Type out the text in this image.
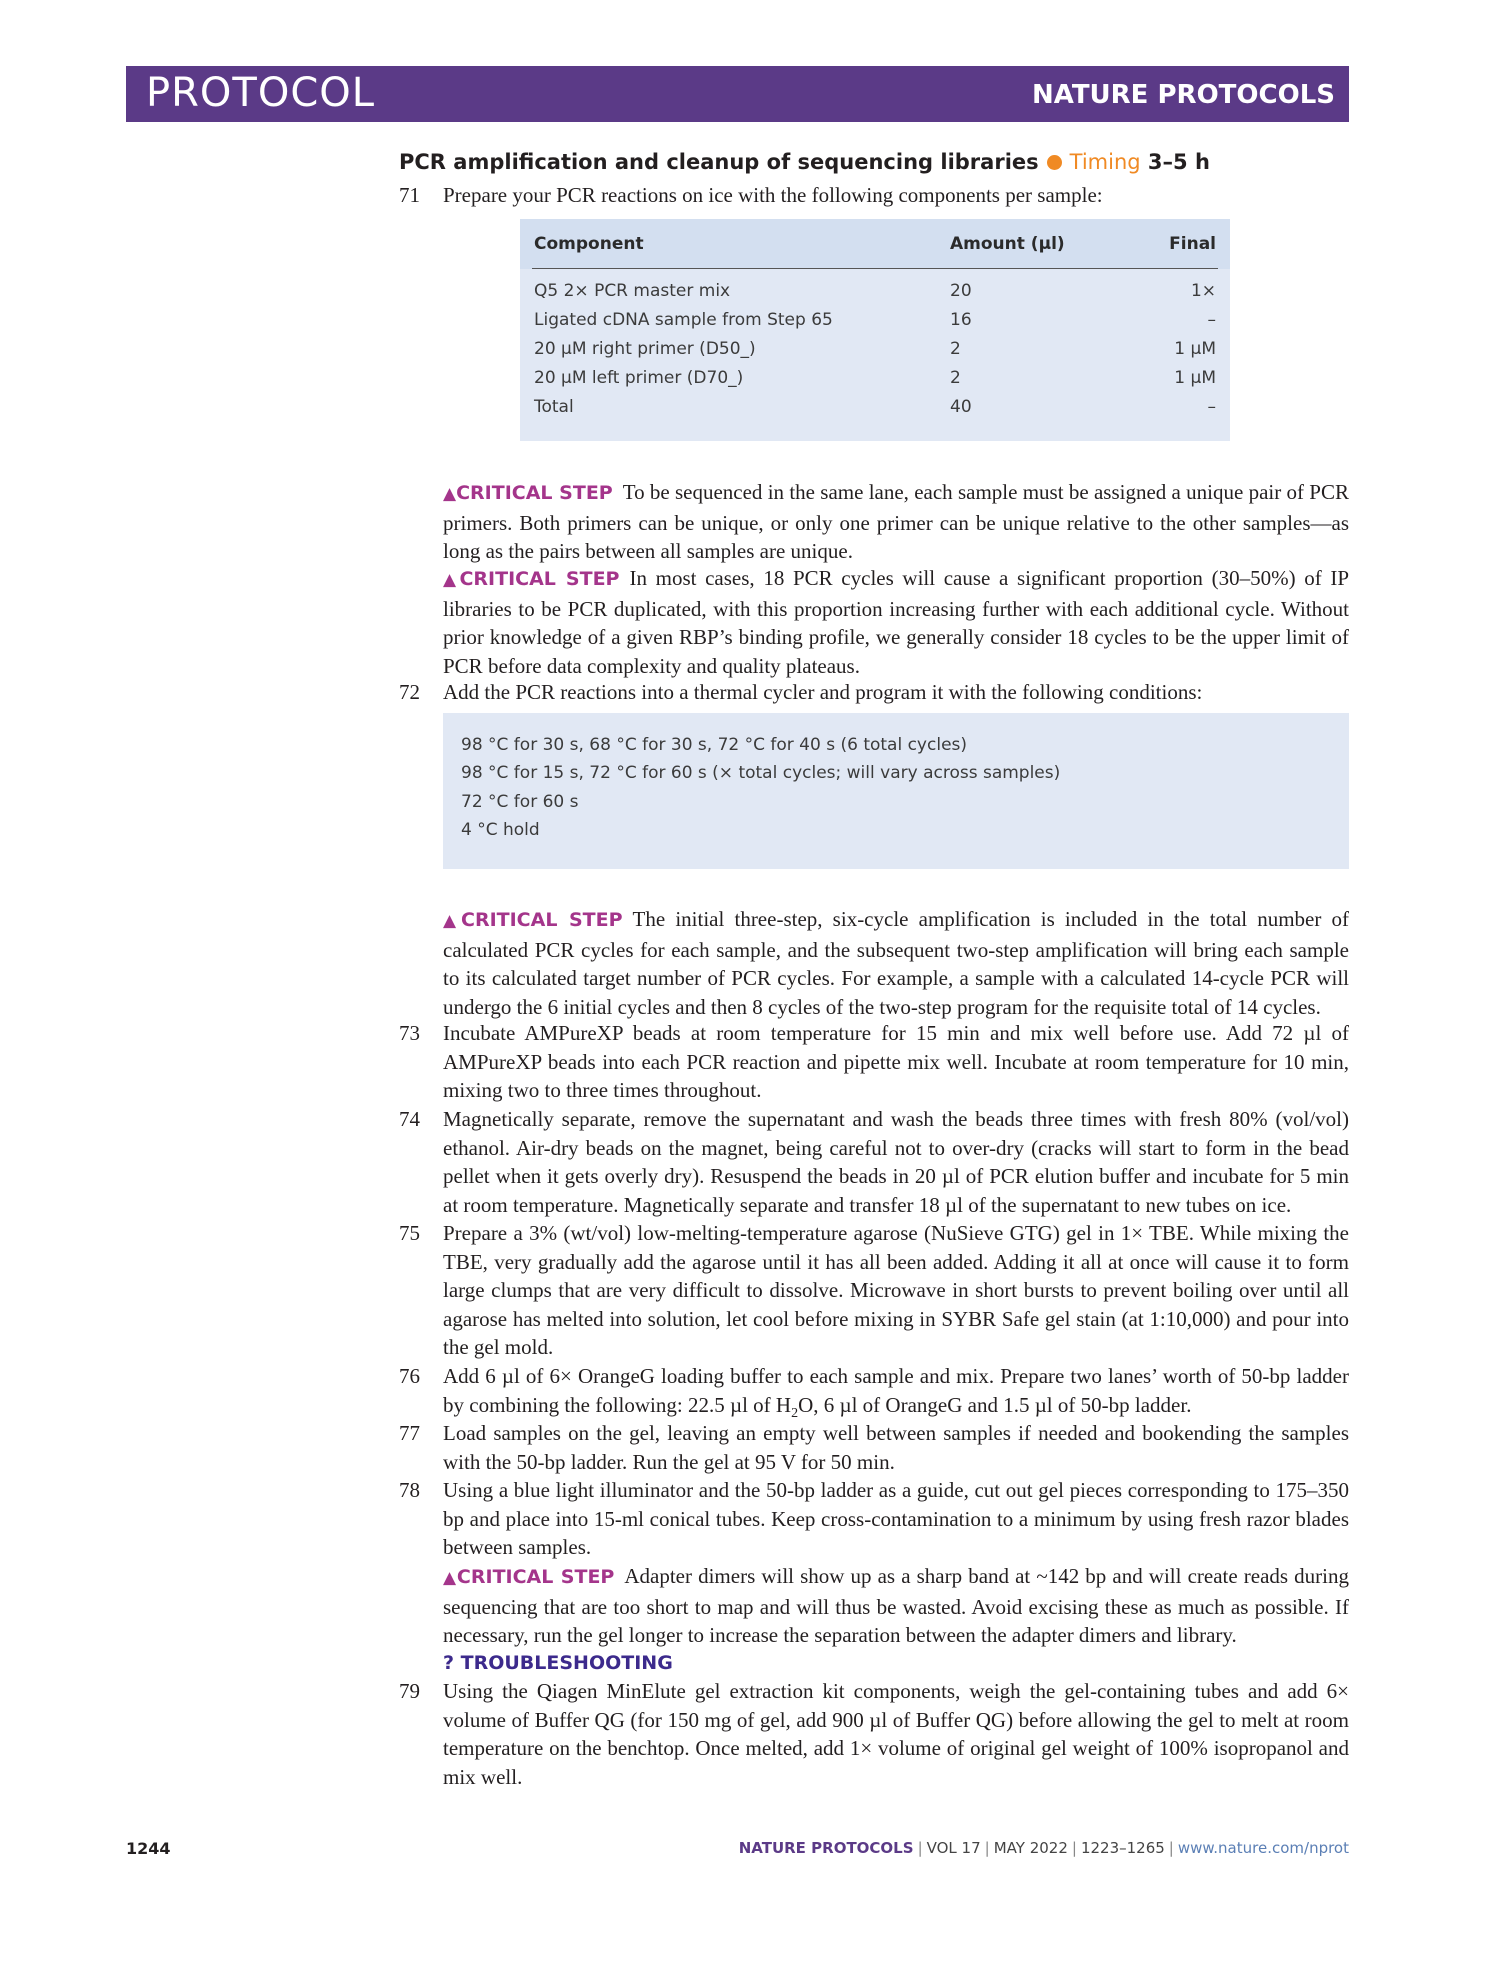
PROTOCOL	NATURE PROTOCOLS
PCR amplification and cleanup of sequencing libraries Timing 3–5 h
71	Prepare your PCR reactions on ice with the following components per sample:
Component	Amount (µl)	Final
Q5 2× PCR master mix	20	1×
Ligated cDNA sample from Step 65	16	–
20 µM right primer (D50_)	2	1 µM
20 µM left primer (D70_)	2	1 µM
Total	40	–
▲CRITICAL STEP To be sequenced in the same lane, each sample must be assigned a unique pair of PCR primers. Both primers can be unique, or only one primer can be unique relative to the other samples—as long as the pairs between all samples are unique.
▲CRITICAL STEP In most cases, 18 PCR cycles will cause a significant proportion (30–50%) of IP libraries to be PCR duplicated, with this proportion increasing further with each additional cycle. Without prior knowledge of a given RBP’s binding profile, we generally consider 18 cycles to be the upper limit of PCR before data complexity and quality plateaus.
72	Add the PCR reactions into a thermal cycler and program it with the following conditions:
98 °C for 30 s, 68 °C for 30 s, 72 °C for 40 s (6 total cycles)
98 °C for 15 s, 72 °C for 60 s (× total cycles; will vary across samples)
72 °C for 60 s
4 °C hold
▲CRITICAL STEP The initial three-step, six-cycle amplification is included in the total number of calculated PCR cycles for each sample, and the subsequent two-step amplification will bring each sample to its calculated target number of PCR cycles. For example, a sample with a calculated 14-cycle PCR will undergo the 6 initial cycles and then 8 cycles of the two-step program for the requisite total of 14 cycles.
73	Incubate AMPureXP beads at room temperature for 15 min and mix well before use. Add 72 µl of AMPureXP beads into each PCR reaction and pipette mix well. Incubate at room temperature for 10 min, mixing two to three times throughout.
74	Magnetically separate, remove the supernatant and wash the beads three times with fresh 80% (vol/vol) ethanol. Air-dry beads on the magnet, being careful not to over-dry (cracks will start to form in the bead pellet when it gets overly dry). Resuspend the beads in 20 µl of PCR elution buffer and incubate for 5 min at room temperature. Magnetically separate and transfer 18 µl of the supernatant to new tubes on ice.
75	Prepare a 3% (wt/vol) low-melting-temperature agarose (NuSieve GTG) gel in 1× TBE. While mixing the TBE, very gradually add the agarose until it has all been added. Adding it all at once will cause it to form large clumps that are very difficult to dissolve. Microwave in short bursts to prevent boiling over until all agarose has melted into solution, let cool before mixing in SYBR Safe gel stain (at 1:10,000) and pour into the gel mold.
76	Add 6 µl of 6× OrangeG loading buffer to each sample and mix. Prepare two lanes’ worth of 50-bp ladder by combining the following: 22.5 µl of $H_2O$, 6 µl of OrangeG and 1.5 µl of 50-bp ladder.
77	Load samples on the gel, leaving an empty well between samples if needed and bookending the samples with the 50-bp ladder. Run the gel at 95 V for 50 min.
78	Using a blue light illuminator and the 50-bp ladder as a guide, cut out gel pieces corresponding to 175–350 bp and place into 15-ml conical tubes. Keep cross-contamination to a minimum by using fresh razor blades between samples.
▲CRITICAL STEP Adapter dimers will show up as a sharp band at ~142 bp and will create reads during sequencing that are too short to map and will thus be wasted. Avoid excising these as much as possible. If necessary, run the gel longer to increase the separation between the adapter dimers and library.
? TROUBLESHOOTING
79	Using the Qiagen MinElute gel extraction kit components, weigh the gel-containing tubes and add 6× volume of Buffer QG (for 150 mg of gel, add 900 µl of Buffer QG) before allowing the gel to melt at room temperature on the benchtop. Once melted, add 1× volume of original gel weight of 100% isopropanol and mix well.
1244	NATURE PROTOCOLS | VOL 17 | MAY 2022 | 1223–1265 | www.nature.com/nprot
